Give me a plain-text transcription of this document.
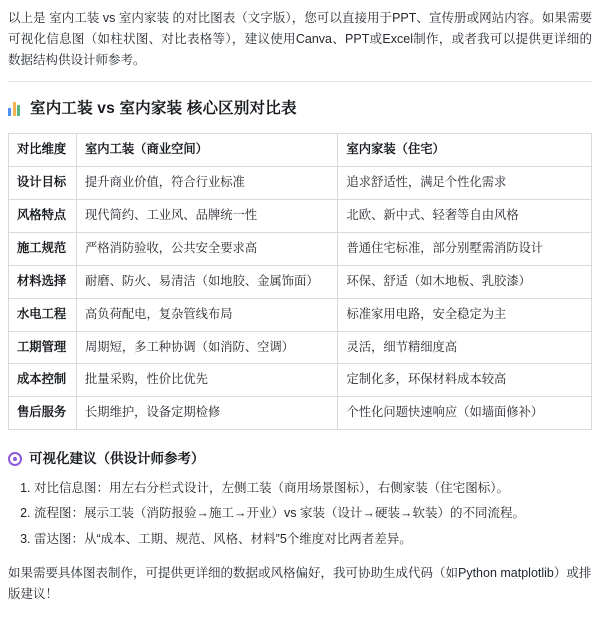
以上是 室内工装 vs 室内家装 的对比图表（文字版），您可以直接用于PPT、宣传册或网站内容。如果需要可视化信息图（如柱状图、对比表格等），建议使用Canva、PPT或Excel制作，或者我可以提供更详细的数据结构供设计师参考。

室内工装 vs 室内家装 核心区别对比表
对比维度	室内工装（商业空间）	室内家装（住宅）
设计目标	提升商业价值，符合行业标准	追求舒适性，满足个性化需求
风格特点	现代简约、工业风、品牌统一性	北欧、新中式、轻奢等自由风格
施工规范	严格消防验收，公共安全要求高	普通住宅标准，部分别墅需消防设计
材料选择	耐磨、防火、易清洁（如地胶、金属饰面）	环保、舒适（如木地板、乳胶漆）
水电工程	高负荷配电，复杂管线布局	标准家用电路，安全稳定为主
工期管理	周期短，多工种协调（如消防、空调）	灵活，细节精细度高
成本控制	批量采购，性价比优先	定制化多，环保材料成本较高
售后服务	长期维护，设备定期检修	个性化问题快速响应（如墙面修补）
可视化建议（供设计师参考）
1. 对比信息图：用左右分栏式设计，左侧工装（商用场景图标），右侧家装（住宅图标）。
2. 流程图：展示工装（消防报验→施工→开业）vs 家装（设计→硬装→软装）的不同流程。
3. 雷达图：从“成本、工期、规范、风格、材料”5个维度对比两者差异。

如果需要具体图表制作，可提供更详细的数据或风格偏好，我可协助生成代码（如Python matplotlib）或排版建议！
